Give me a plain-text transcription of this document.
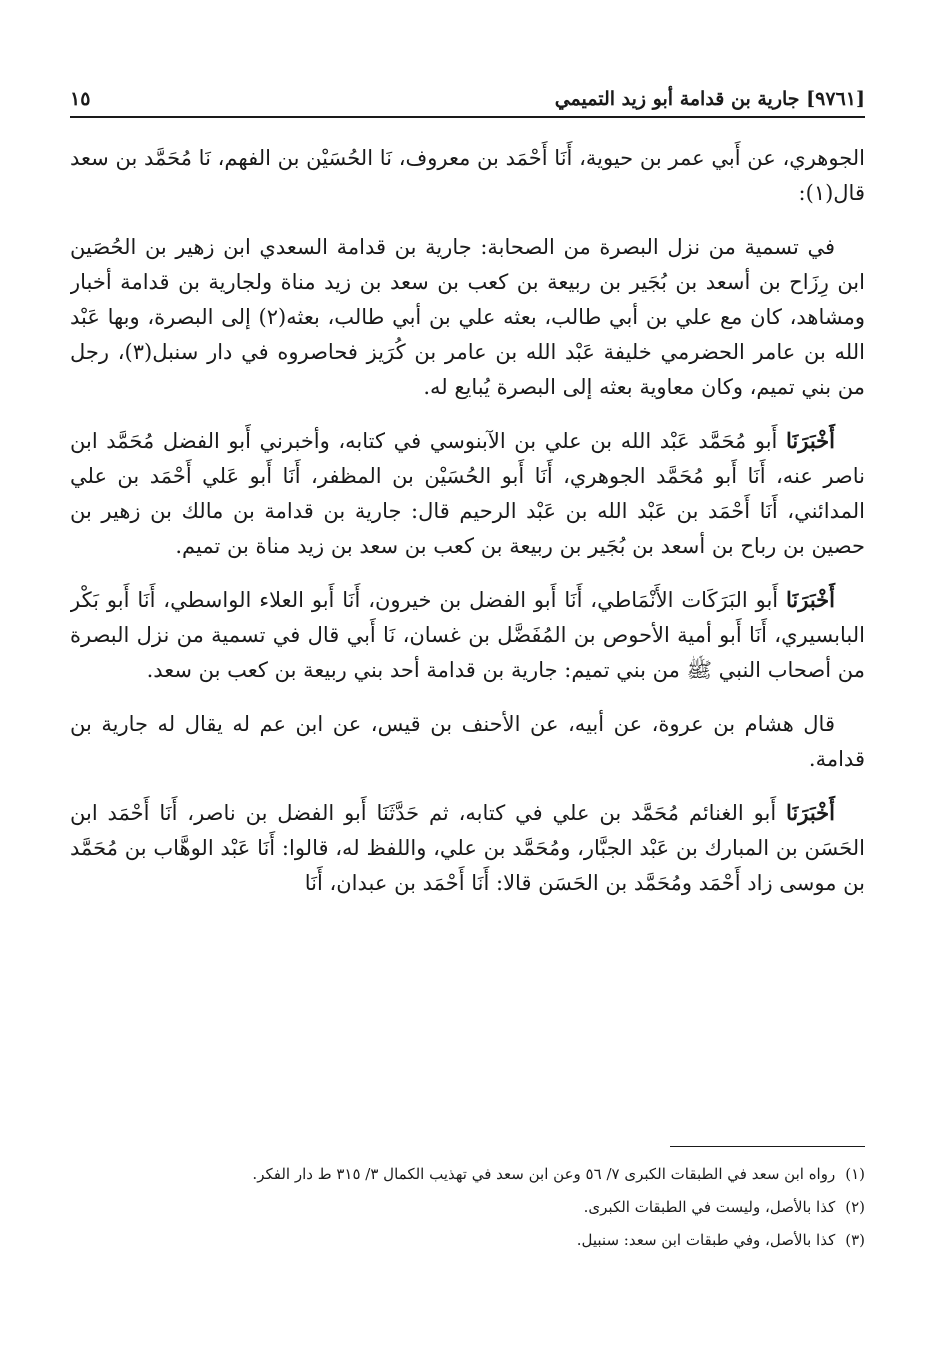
[٩٧٦١] جارية بن قدامة أبو زيد التميمي
١٥

الجوهري، عن أَبي عمر بن حيوية، أَنَا أَحْمَد بن معروف، نَا الحُسَيْن بن الفهم، نَا مُحَمَّد بن سعد قال(١):

في تسمية من نزل البصرة من الصحابة: جارية بن قدامة السعدي ابن زهير بن الحُصَين ابن رِزَاح بن أسعد بن بُجَير بن ربيعة بن كعب بن سعد بن زيد مناة ولجارية بن قدامة أخبار ومشاهد، كان مع علي بن أبي طالب، بعثه علي بن أبي طالب، بعثه(٢) إلى البصرة، وبها عَبْد الله بن عامر الحضرمي خليفة عَبْد الله بن عامر بن كُرَيز فحاصروه في دار سنبل(٣)، رجل من بني تميم، وكان معاوية بعثه إلى البصرة يُبايع له.

أَخْبَرَنَا أَبو مُحَمَّد عَبْد الله بن علي بن الآبنوسي في كتابه، وأخبرني أَبو الفضل مُحَمَّد ابن ناصر عنه، أَنَا أَبو مُحَمَّد الجوهري، أَنَا أَبو الحُسَيْن بن المظفر، أَنَا أَبو عَلي أَحْمَد بن علي المدائني، أَنَا أَحْمَد بن عَبْد الله بن عَبْد الرحيم قال: جارية بن قدامة بن مالك بن زهير بن حصين بن رباح بن أسعد بن بُجَير بن ربيعة بن كعب بن سعد بن زيد مناة بن تميم.

أَخْبَرَنَا أَبو البَرَكَات الأَنْمَاطي، أَنَا أَبو الفضل بن خيرون، أَنَا أَبو العلاء الواسطي، أَنَا أَبو بَكْر البابسيري، أَنَا أَبو أمية الأحوص بن المُفَضَّل بن غسان، نَا أَبي قال في تسمية من نزل البصرة من أصحاب النبي ﷺ من بني تميم: جارية بن قدامة أحد بني ربيعة بن كعب بن سعد.

قال هشام بن عروة، عن أبيه، عن الأحنف بن قيس، عن ابن عم له يقال له جارية بن قدامة.

أَخْبَرَنَا أَبو الغنائم مُحَمَّد بن علي في كتابه، ثم حَدَّثَنَا أَبو الفضل بن ناصر، أَنَا أَحْمَد ابن الحَسَن بن المبارك بن عَبْد الجبَّار، ومُحَمَّد بن علي، واللفظ له، قالوا: أَنَا عَبْد الوهَّاب بن مُحَمَّد بن موسى زاد أَحْمَد ومُحَمَّد بن الحَسَن قالا: أَنَا أَحْمَد بن عبدان، أَنَا

(١)رواه ابن سعد في الطبقات الكبرى ٧/ ٥٦ وعن ابن سعد في تهذيب الكمال ٣/ ٣١٥ ط دار الفكر.

(٢)كذا بالأصل، وليست في الطبقات الكبرى.

(٣)كذا بالأصل، وفي طبقات ابن سعد: سنبيل.
